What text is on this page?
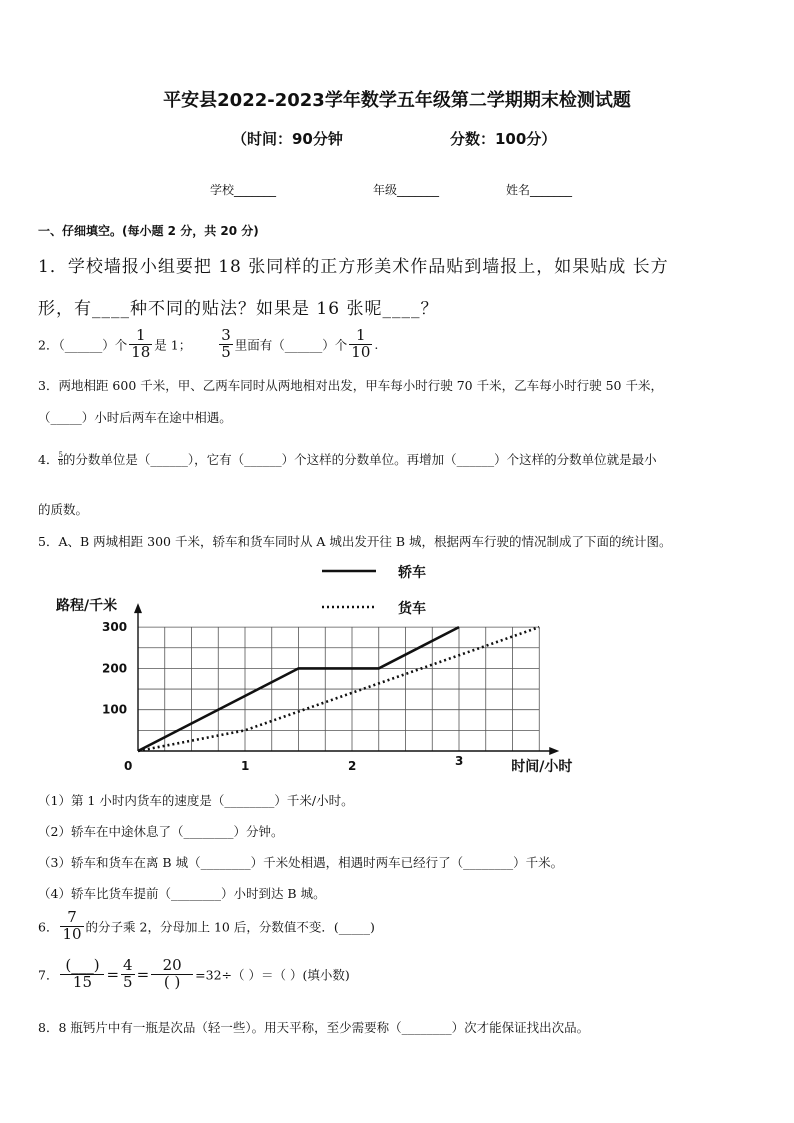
平安县2022-2023学年数学五年级第二学期期末检测试题
（时间：90分钟	分数：100分）
学校_______	年级_______	姓名_______
一、仔细填空。(每小题 2 分，共 20 分)
1．学校墙报小组要把 18 张同样的正方形美术作品贴到墙报上，如果贴成 长方
形，有____种不同的贴法？如果是 16 张呢____？
2．（______）个 $\frac{1}{18}$ 是 1； $\frac{3}{5}$ 里面有（______）个 $\frac{1}{10}$ .
3．两地相距 600 千米，甲、乙两车同时从两地相对出发，甲车每小时行驶 70 千米，乙车每小时行驶 50 千米，
（_____）小时后两车在途中相遇。
4． $\frac{5}{8}$的分数单位是（______），它有（______）个这样的分数单位。再增加（______）个这样的分数单位就是最小
的质数。
5．A、B 两城相距 300 千米，轿车和货车同时从 A 城出发开往 B 城，根据两车行驶的情况制成了下面的统计图。
0	1	2	3
100
200
300
轿车
货车
路程/千米
时间/小时
（1）第 1 小时内货车的速度是（________）千米/小时。
（2）轿车在中途休息了（________）分钟。
（3）轿车和货车在离 B 城（________）千米处相遇，相遇时两车已经行了（________）千米。
（4）轿车比货车提前（________）小时到达 B 城。
6． $\frac{7}{10}$ 的分子乘 2，分母加上 10 后，分数值不变．(_____)
7． $\frac{(\_\_\_)}{15} = \frac{4}{5} = \frac{20}{( )} =32\div$（ ）＝（ ）(填小数)
8．8 瓶钙片中有一瓶是次品（轻一些）。用天平称，至少需要称（________）次才能保证找出次品。
